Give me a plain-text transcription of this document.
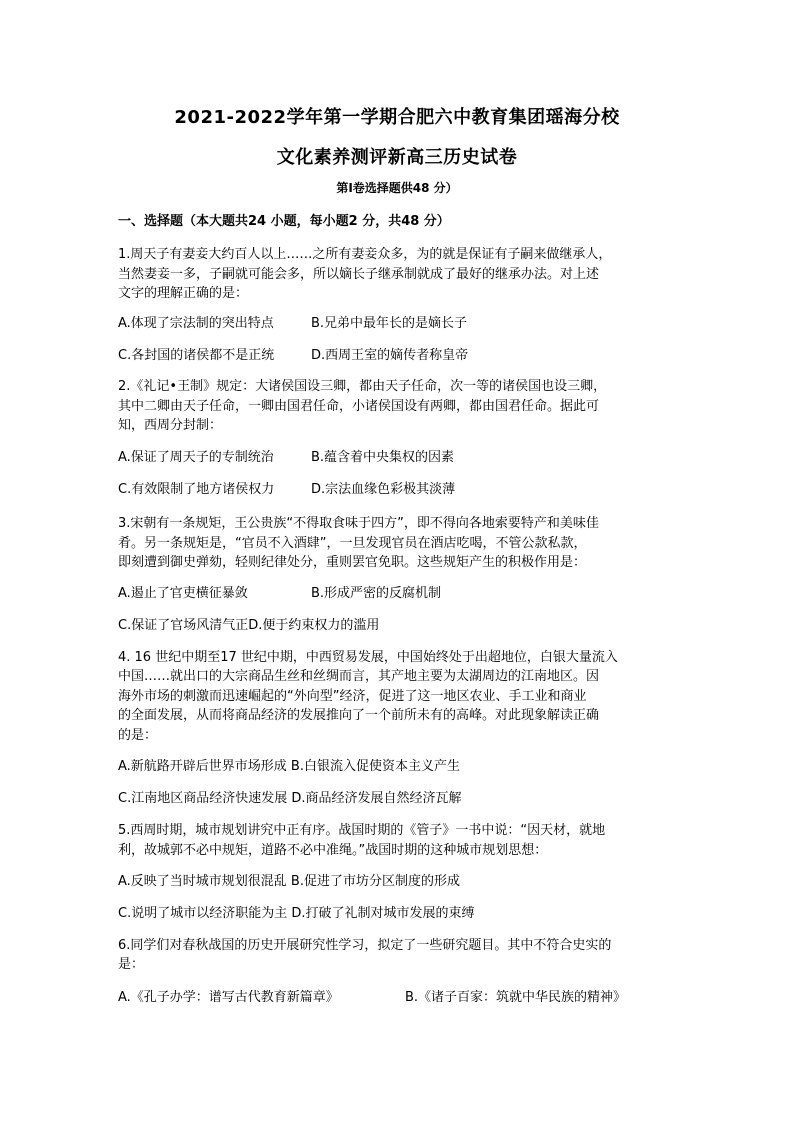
2021-2022学年第一学期合肥六中教育集团瑶海分校
文化素养测评新高三历史试卷
第Ⅰ卷选择题供48 分）
一、选择题（本大题共24 小题，每小题2 分，共48 分）
1.周天子有妻妾大约百人以上……之所有妻妾众多，为的就是保证有子嗣来做继承人，
当然妻妾一多，子嗣就可能会多，所以嫡长子继承制就成了最好的继承办法。对上述
文字的理解正确的是：
A.体现了宗法制的突出特点	B.兄弟中最年长的是嫡长子
C.各封国的诸侯都不是正统	D.西周王室的嫡传者称皇帝
2.《礼记•王制》规定：大诸侯国设三卿，都由天子任命，次一等的诸侯国也设三卿，
其中二卿由天子任命，一卿由国君任命，小诸侯国设有两卿，都由国君任命。据此可
知，西周分封制：
A.保证了周天子的专制统治	B.蕴含着中央集权的因素
C.有效限制了地方诸侯权力	D.宗法血缘色彩极其淡薄
3.宋朝有一条规矩，王公贵族“不得取食味于四方”，即不得向各地索要特产和美味佳
肴。另一条规矩是，“官员不入酒肆”，一旦发现官员在酒店吃喝，不管公款私款，
即刻遭到御史弹劾，轻则纪律处分，重则罢官免职。这些规矩产生的积极作用是：
A.遏止了官吏横征暴敛	B.形成严密的反腐机制
C.保证了官场风清气正D.便于约束权力的滥用
4. 16 世纪中期至17 世纪中期，中西贸易发展，中国始终处于出超地位，白银大量流入
中国……就出口的大宗商品生丝和丝绸而言，其产地主要为太湖周边的江南地区。因
海外市场的刺激而迅速崛起的“外向型”经济，促进了这一地区农业、手工业和商业
的全面发展，从而将商品经济的发展推向了一个前所未有的高峰。对此现象解读正确
的是：
A.新航路开辟后世界市场形成 B.白银流入促使资本主义产生
C.江南地区商品经济快速发展 D.商品经济发展自然经济瓦解
5.西周时期，城市规划讲究中正有序。战国时期的《管子》一书中说：“因天材，就地
利，故城郭不必中规矩，道路不必中准绳。”战国时期的这种城市规划思想：
A.反映了当时城市规划很混乱 B.促进了市坊分区制度的形成
C.说明了城市以经济职能为主 D.打破了礼制对城市发展的束缚
6.同学们对春秋战国的历史开展研究性学习，拟定了一些研究题目。其中不符合史实的
是：
A.《孔子办学：谱写古代教育新篇章》	B.《诸子百家：筑就中华民族的精神》
